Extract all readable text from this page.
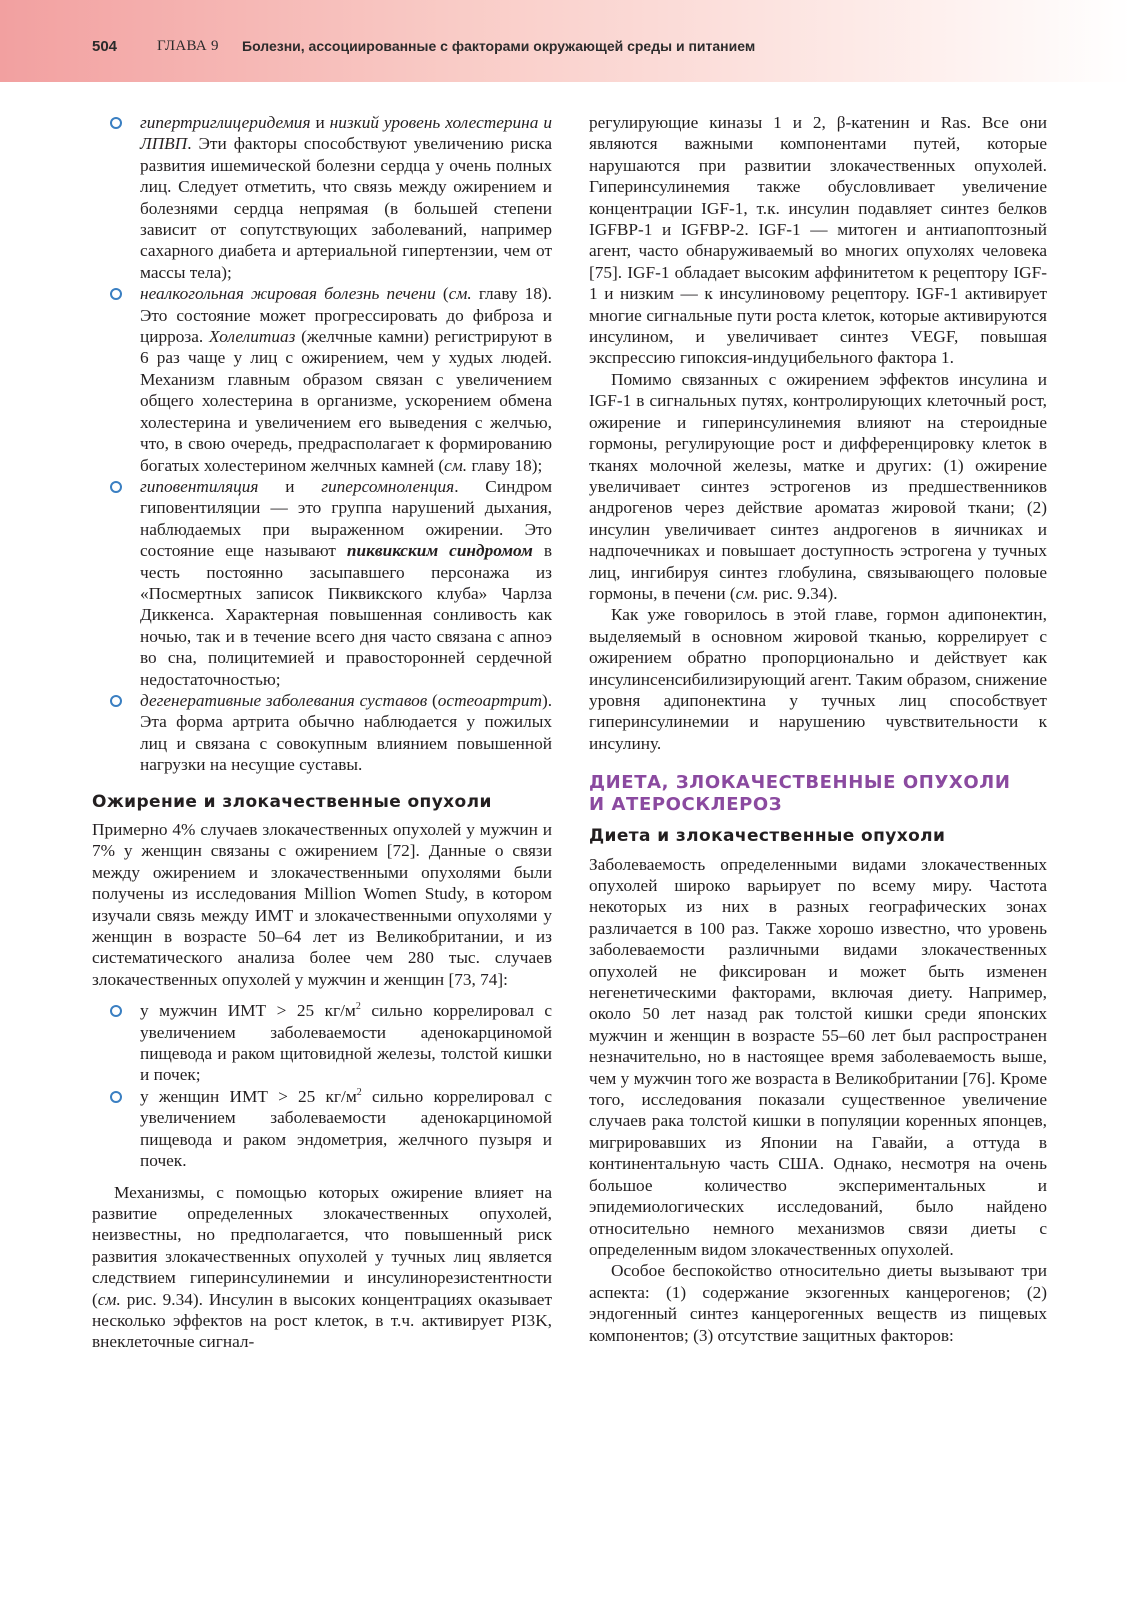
504	ГЛАВА 9 Болезни, ассоциированные с факторами окружающей среды и питанием
гипертриглицеридемия и низкий уровень холестерина и ЛПВП. Эти факторы способствуют увеличению риска развития ишемической болезни сердца у очень полных лиц. Следует отметить, что связь между ожирением и болезнями сердца непрямая (в большей степени зависит от сопутствующих заболеваний, например сахарного диабета и артериальной гипертензии, чем от массы тела);
неалкогольная жировая болезнь печени (см. главу 18). Это состояние может прогрессировать до фиброза и цирроза. Холелитиаз (желчные камни) регистрируют в 6 раз чаще у лиц с ожирением, чем у худых людей. Механизм главным образом связан с увеличением общего холестерина в организме, ускорением обмена холестерина и увеличением его выведения с желчью, что, в свою очередь, предрасполагает к формированию богатых холестерином желчных камней (см. главу 18);
гиповентиляция и гиперсомноленция. Синдром гиповентиляции — это группа нарушений дыхания, наблюдаемых при выраженном ожирении. Это состояние еще называют пиквикским синдромом в честь постоянно засыпавшего персонажа из «Посмертных записок Пиквикского клуба» Чарлза Диккенса. Характерная повышенная сонливость как ночью, так и в течение всего дня часто связана с апноэ во сна, полицитемией и правосторонней сердечной недостаточностью;
дегенеративные заболевания суставов (остеоартрит). Эта форма артрита обычно наблюдается у пожилых лиц и связана с совокупным влиянием повышенной нагрузки на несущие суставы.
Ожирение и злокачественные опухоли

Примерно 4% случаев злокачественных опухолей у мужчин и 7% у женщин связаны с ожирением [72]. Данные о связи между ожирением и злокачественными опухолями были получены из исследования Million Women Study, в котором изучали связь между ИМТ и злокачественными опухолями у женщин в возрасте 50–64 лет из Великобритании, и из систематического анализа более чем 280 тыс. случаев злокачественных опухолей у мужчин и женщин [73, 74]:

у мужчин ИМТ > 25 $кг/м^2$ сильно коррелировал с увеличением заболеваемости аденокарциномой пищевода и раком щитовидной железы, толстой кишки и почек;
у женщин ИМТ > 25 $кг/м^2$ сильно коррелировал с увеличением заболеваемости аденокарциномой пищевода и раком эндометрия, желчного пузыря и почек.

Механизмы, с помощью которых ожирение влияет на развитие определенных злокачественных опухолей, неизвестны, но предполагается, что повышенный риск развития злокачественных опухолей у тучных лиц является следствием гиперинсулинемии и инсулинорезистентности (см. рис. 9.34). Инсулин в высоких концентрациях оказывает несколько эффектов на рост клеток, в т.ч. активирует PI3K, внеклеточные сигнал-

регулирующие киназы 1 и 2, β-катенин и Ras. Все они являются важными компонентами путей, которые нарушаются при развитии злокачественных опухолей. Гиперинсулинемия также обусловливает увеличение концентрации IGF-1, т.к. инсулин подавляет синтез белков IGFBP-1 и IGFBP-2. IGF-1 — митоген и антиапоптозный агент, часто обнаруживаемый во многих опухолях человека [75]. IGF-1 обладает высоким аффинитетом к рецептору IGF-1 и низким — к инсулиновому рецептору. IGF-1 активирует многие сигнальные пути роста клеток, которые активируются инсулином, и увеличивает синтез VEGF, повышая экспрессию гипоксия-индуцибельного фактора 1.

Помимо связанных с ожирением эффектов инсулина и IGF-1 в сигнальных путях, контролирующих клеточный рост, ожирение и гиперинсулинемия влияют на стероидные гормоны, регулирующие рост и дифференцировку клеток в тканях молочной железы, матке и других: (1) ожирение увеличивает синтез эстрогенов из предшественников андрогенов через действие ароматаз жировой ткани; (2) инсулин увеличивает синтез андрогенов в яичниках и надпочечниках и повышает доступность эстрогена у тучных лиц, ингибируя синтез глобулина, связывающего половые гормоны, в печени (см. рис. 9.34).

Как уже говорилось в этой главе, гормон адипонектин, выделяемый в основном жировой тканью, коррелирует с ожирением обратно пропорционально и действует как инсулинсенсибилизирующий агент. Таким образом, снижение уровня адипонектина у тучных лиц способствует гиперинсулинемии и нарушению чувствительности к инсулину.

ДИЕТА, ЗЛОКАЧЕСТВЕННЫЕ ОПУХОЛИ
И АТЕРОСКЛЕРОЗ
Диета и злокачественные опухоли

Заболеваемость определенными видами злокачественных опухолей широко варьирует по всему миру. Частота некоторых из них в разных географических зонах различается в 100 раз. Также хорошо известно, что уровень заболеваемости различными видами злокачественных опухолей не фиксирован и может быть изменен негенетическими факторами, включая диету. Например, около 50 лет назад рак толстой кишки среди японских мужчин и женщин в возрасте 55–60 лет был распространен незначительно, но в настоящее время заболеваемость выше, чем у мужчин того же возраста в Великобритании [76]. Кроме того, исследования показали существенное увеличение случаев рака толстой кишки в популяции коренных японцев, мигрировавших из Японии на Гавайи, а оттуда в континентальную часть США. Однако, несмотря на очень большое количество экспериментальных и эпидемиологических исследований, было найдено относительно немного механизмов связи диеты с определенным видом злокачественных опухолей.

Особое беспокойство относительно диеты вызывают три аспекта: (1) содержание экзогенных канцерогенов; (2) эндогенный синтез канцерогенных веществ из пищевых компонентов; (3) отсутствие защитных факторов:
